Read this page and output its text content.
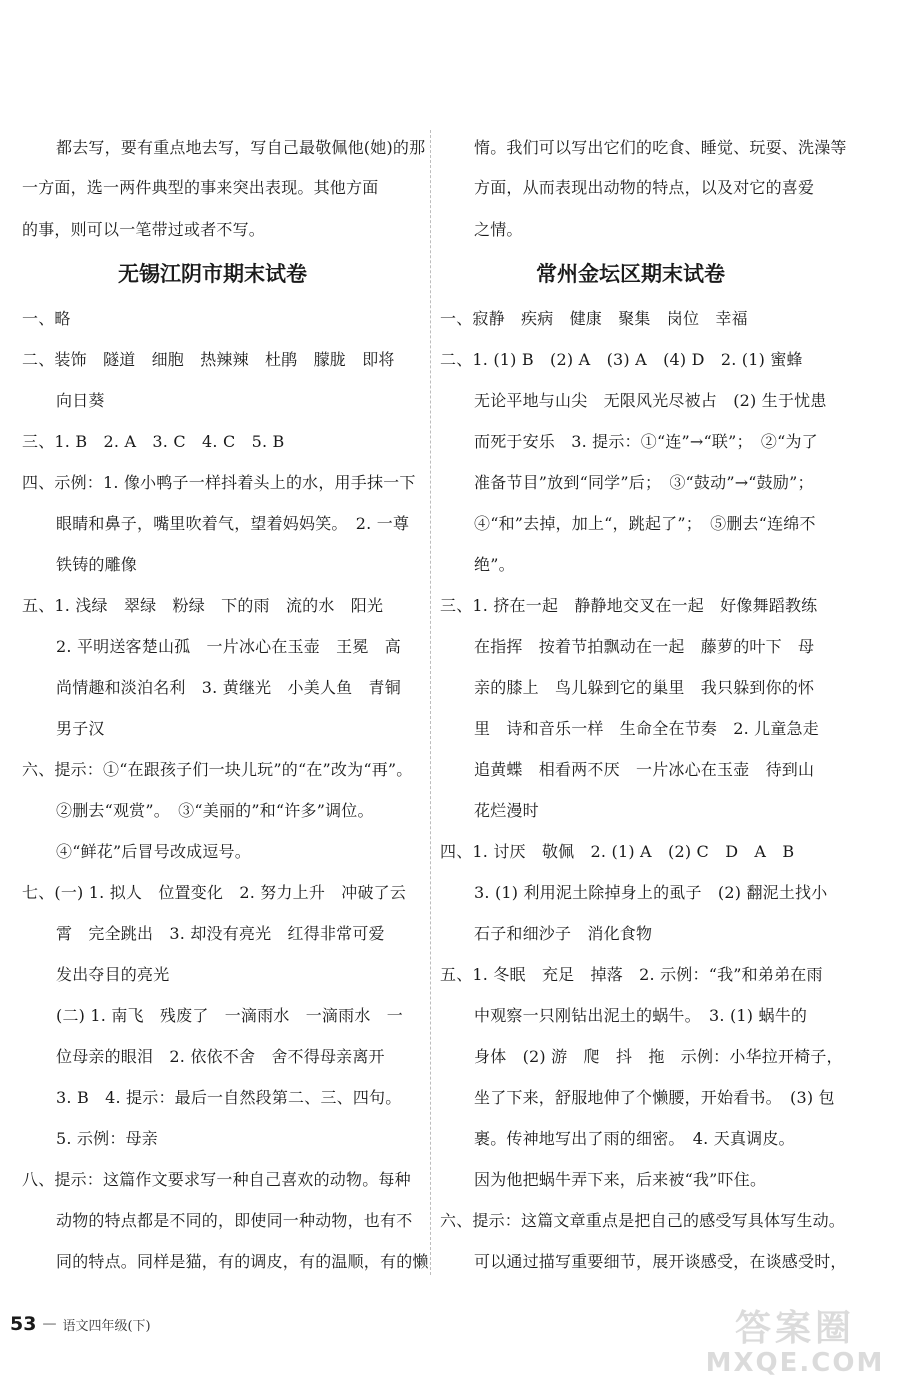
都去写，要有重点地去写，写自己最敬佩他(她)的那
一方面，选一两件典型的事来突出表现。其他方面
的事，则可以一笔带过或者不写。
无锡江阴市期末试卷
一、略
二、装饰　隧道　细胞　热辣辣　杜鹃　朦胧　即将
向日葵
三、1. B　2. A　3. C　4. C　5. B
四、示例：1. 像小鸭子一样抖着头上的水，用手抹一下
眼睛和鼻子，嘴里吹着气，望着妈妈笑。　2. 一尊
铁铸的雕像
五、1. 浅绿　翠绿　粉绿　下的雨　流的水　阳光
2. 平明送客楚山孤　一片冰心在玉壶　王冕　高
尚情趣和淡泊名利　3. 黄继光　小美人鱼　青铜
男子汉
六、提示：①“在跟孩子们一块儿玩”的“在”改为“再”。
②删去“观赏”。　③“美丽的”和“许多”调位。
④“鲜花”后冒号改成逗号。
七、(一) 1. 拟人　位置变化　2. 努力上升　冲破了云
霄　完全跳出　3. 却没有亮光　红得非常可爱
发出夺目的亮光
(二) 1. 南飞　残废了　一滴雨水　一滴雨水　一
位母亲的眼泪　2. 依依不舍　舍不得母亲离开
3. B　4. 提示：最后一自然段第二、三、四句。
5. 示例：母亲
八、提示：这篇作文要求写一种自己喜欢的动物。每种
动物的特点都是不同的，即使同一种动物，也有不
同的特点。同样是猫，有的调皮，有的温顺，有的懒
惰。我们可以写出它们的吃食、睡觉、玩耍、洗澡等
方面，从而表现出动物的特点，以及对它的喜爱
之情。
常州金坛区期末试卷
一、寂静　疾病　健康　聚集　岗位　幸福
二、1. (1) B　(2) A　(3) A　(4) D　2. (1) 蜜蜂
无论平地与山尖　无限风光尽被占　(2) 生于忧患
而死于安乐　3. 提示：①“连”→“联”；　②“为了
准备节目”放到“同学”后；　③“鼓动”→“鼓励”；
④“和”去掉，加上“，跳起了”；　⑤删去“连绵不
绝”。
三、1. 挤在一起　静静地交叉在一起　好像舞蹈教练
在指挥　按着节拍飘动在一起　藤萝的叶下　母
亲的膝上　鸟儿躲到它的巢里　我只躲到你的怀
里　诗和音乐一样　生命全在节奏　2. 儿童急走
追黄蝶　相看两不厌　一片冰心在玉壶　待到山
花烂漫时
四、1. 讨厌　敬佩　2. (1) A　(2) C　D　A　B
3. (1) 利用泥土除掉身上的虱子　(2) 翻泥土找小
石子和细沙子　消化食物
五、1. 冬眠　充足　掉落　2. 示例：“我”和弟弟在雨
中观察一只刚钻出泥土的蜗牛。　3. (1) 蜗牛的
身体　(2) 游　爬　抖　拖　示例：小华拉开椅子，
坐了下来，舒服地伸了个懒腰，开始看书。　(3) 包
裹。传神地写出了雨的细密。　4. 天真调皮。
因为他把蜗牛弄下来，后来被“我”吓住。
六、提示：这篇文章重点是把自己的感受写具体写生动。
可以通过描写重要细节，展开谈感受，在谈感受时，
53 — 语文四年级(下)	答案圈
MXQE.COM
